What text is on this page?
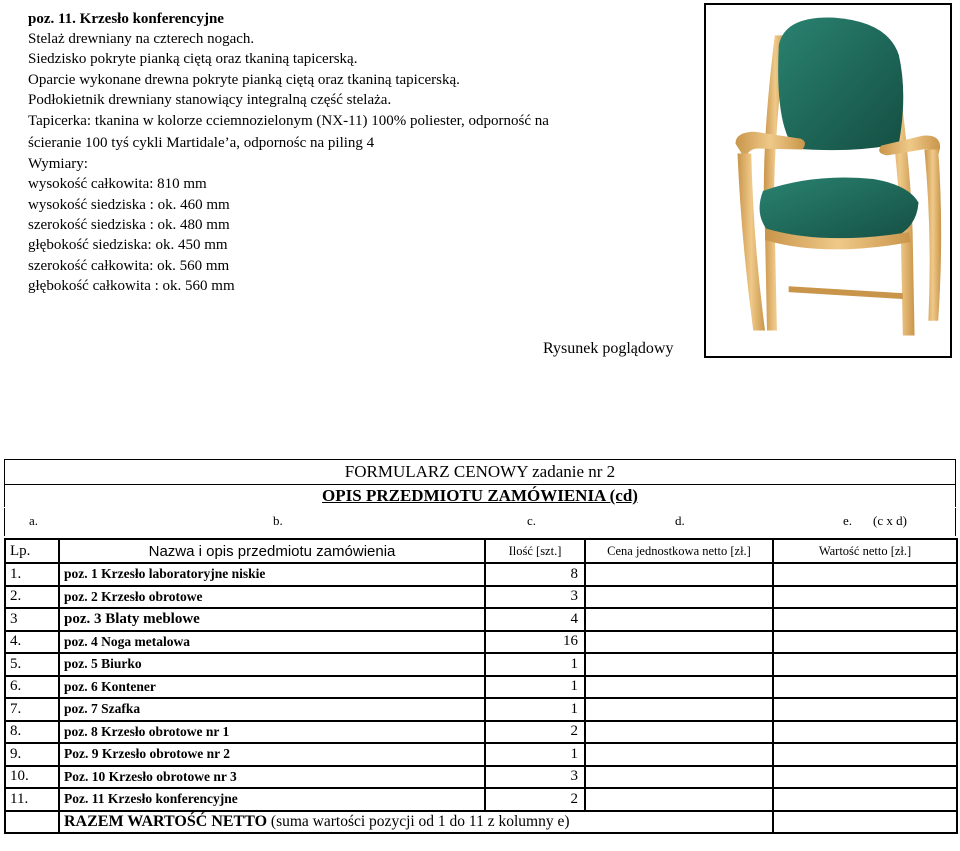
poz. 11. Krzesło konferencyjne

Stelaż drewniany na czterech nogach.
Siedzisko pokryte pianką ciętą oraz tkaniną tapicerską.
Oparcie wykonane drewna pokryte pianką ciętą oraz tkaniną tapicerską.
Podłokietnik drewniany stanowiący integralną część stelaża.
Tapicerka: tkanina w kolorze cciemnozielonym (NX-11) 100% poliester, odporność na
ścieranie 100 tyś cykli Martidale’a, odpornośc na piling 4
Wymiary:
wysokość całkowita: 810 mm
wysokość siedziska : ok. 460 mm
szerokość siedziska : ok. 480 mm
głębokość siedziska: ok. 450 mm
szerokość całkowita: ok. 560 mm
głębokość całkowita : ok. 560 mm
Rysunek poglądowy
FORMULARZ CENOWY zadanie nr 2
OPIS PRZEDMIOTU ZAMÓWIENIA (cd)
a.	b.	c.	d.	e. (c x d)
Lp.	Nazwa i opis przedmiotu zamówienia	Ilość [szt.]	Cena jednostkowa netto [zł.]	Wartość netto [zł.]
1.	poz. 1 Krzesło laboratoryjne niskie	8		
2.	poz. 2 Krzesło obrotowe	3		
3	poz. 3 Blaty meblowe	4		
4.	poz. 4 Noga metalowa	16		
5.	poz. 5 Biurko	1		
6.	poz. 6 Kontener	1		
7.	poz. 7 Szafka	1		
8.	poz. 8 Krzesło obrotowe nr 1	2		
9.	Poz. 9 Krzesło obrotowe nr 2	1		
10.	Poz. 10 Krzesło obrotowe nr 3	3		
11.	Poz. 11 Krzesło konferencyjne	2		
	RAZEM WARTOŚĆ NETTO (suma wartości pozycji od 1 do 11 z kolumny e)			
